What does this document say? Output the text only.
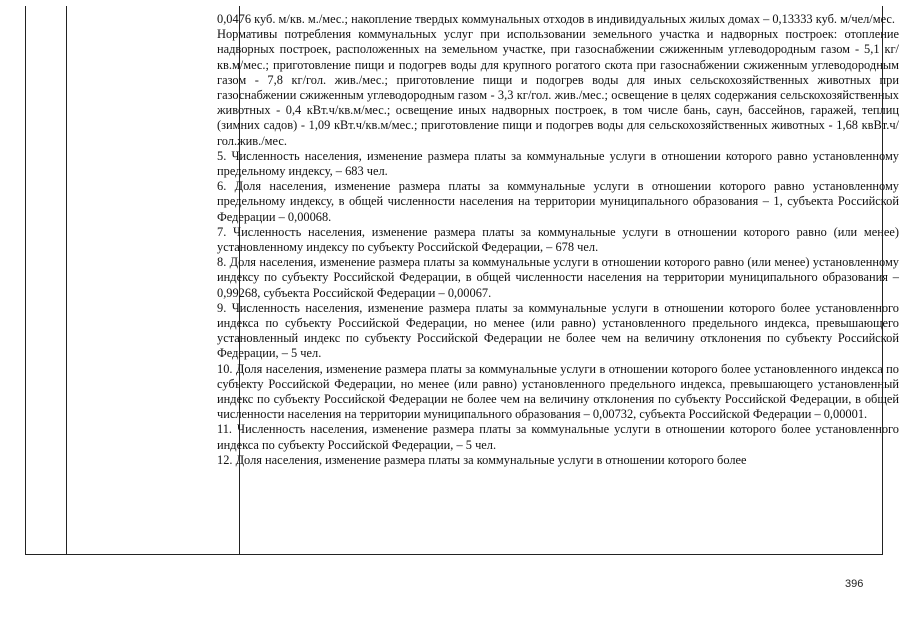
0,0476 куб. м/кв. м./мес.; накопление твердых коммунальных отходов в индивидуальных жилых домах – 0,13333 куб. м/чел/мес.

Нормативы потребления коммунальных услуг при использовании земельного участка и надворных построек: отопление надворных построек, расположенных на земельном участке, при газоснабжении сжиженным углеводородным газом - 5,1 кг/кв.м/мес.; приготовление пищи и подогрев воды для крупного рогатого скота при газоснабжении сжиженным углеводородным газом - 7,8 кг/гол. жив./мес.; приготовление пищи и подогрев воды для иных сельскохозяйственных животных при газоснабжении сжиженным углеводородным газом - 3,3 кг/гол. жив./мес.; освещение в целях содержания сельскохозяйственных животных - 0,4 кВт.ч/кв.м/мес.; освещение иных надворных построек, в том числе бань, саун, бассейнов, гаражей, теплиц (зимних садов) - 1,09 кВт.ч/кв.м/мес.; приготовление пищи и подогрев воды для сельскохозяйственных животных - 1,68 квВт.ч/гол.жив./мес.

5. Численность населения, изменение размера платы за коммунальные услуги в отношении которого равно установленному предельному индексу, – 683 чел.

6. Доля населения, изменение размера платы за коммунальные услуги в отношении которого равно установленному предельному индексу, в общей численности населения на территории муниципального образования – 1, субъекта Российской Федерации – 0,00068.

7. Численность населения, изменение размера платы за коммунальные услуги в отношении которого равно (или менее) установленному индексу по субъекту Российской Федерации, – 678 чел.

8. Доля населения, изменение размера платы за коммунальные услуги в отношении которого равно (или менее) установленному индексу по субъекту Российской Федерации, в общей численности населения на территории муниципального образования – 0,99268, субъекта Российской Федерации – 0,00067.

9. Численность населения, изменение размера платы за коммунальные услуги в отношении которого более установленного индекса по субъекту Российской Федерации, но менее (или равно) установленного предельного индекса, превышающего установленный индекс по субъекту Российской Федерации не более чем на величину отклонения по субъекту Российской Федерации, – 5 чел.

10. Доля населения, изменение размера платы за коммунальные услуги в отношении которого более установленного индекса по субъекту Российской Федерации, но менее (или равно) установленного предельного индекса, превышающего установленный индекс по субъекту Российской Федерации не более чем на величину отклонения по субъекту Российской Федерации, в общей численности населения на территории муниципального образования – 0,00732, субъекта Российской Федерации – 0,00001.

11. Численность населения, изменение размера платы за коммунальные услуги в отношении которого более установленного индекса по субъекту Российской Федерации, – 5 чел.

12. Доля населения, изменение размера платы за коммунальные услуги в отношении которого более

396
